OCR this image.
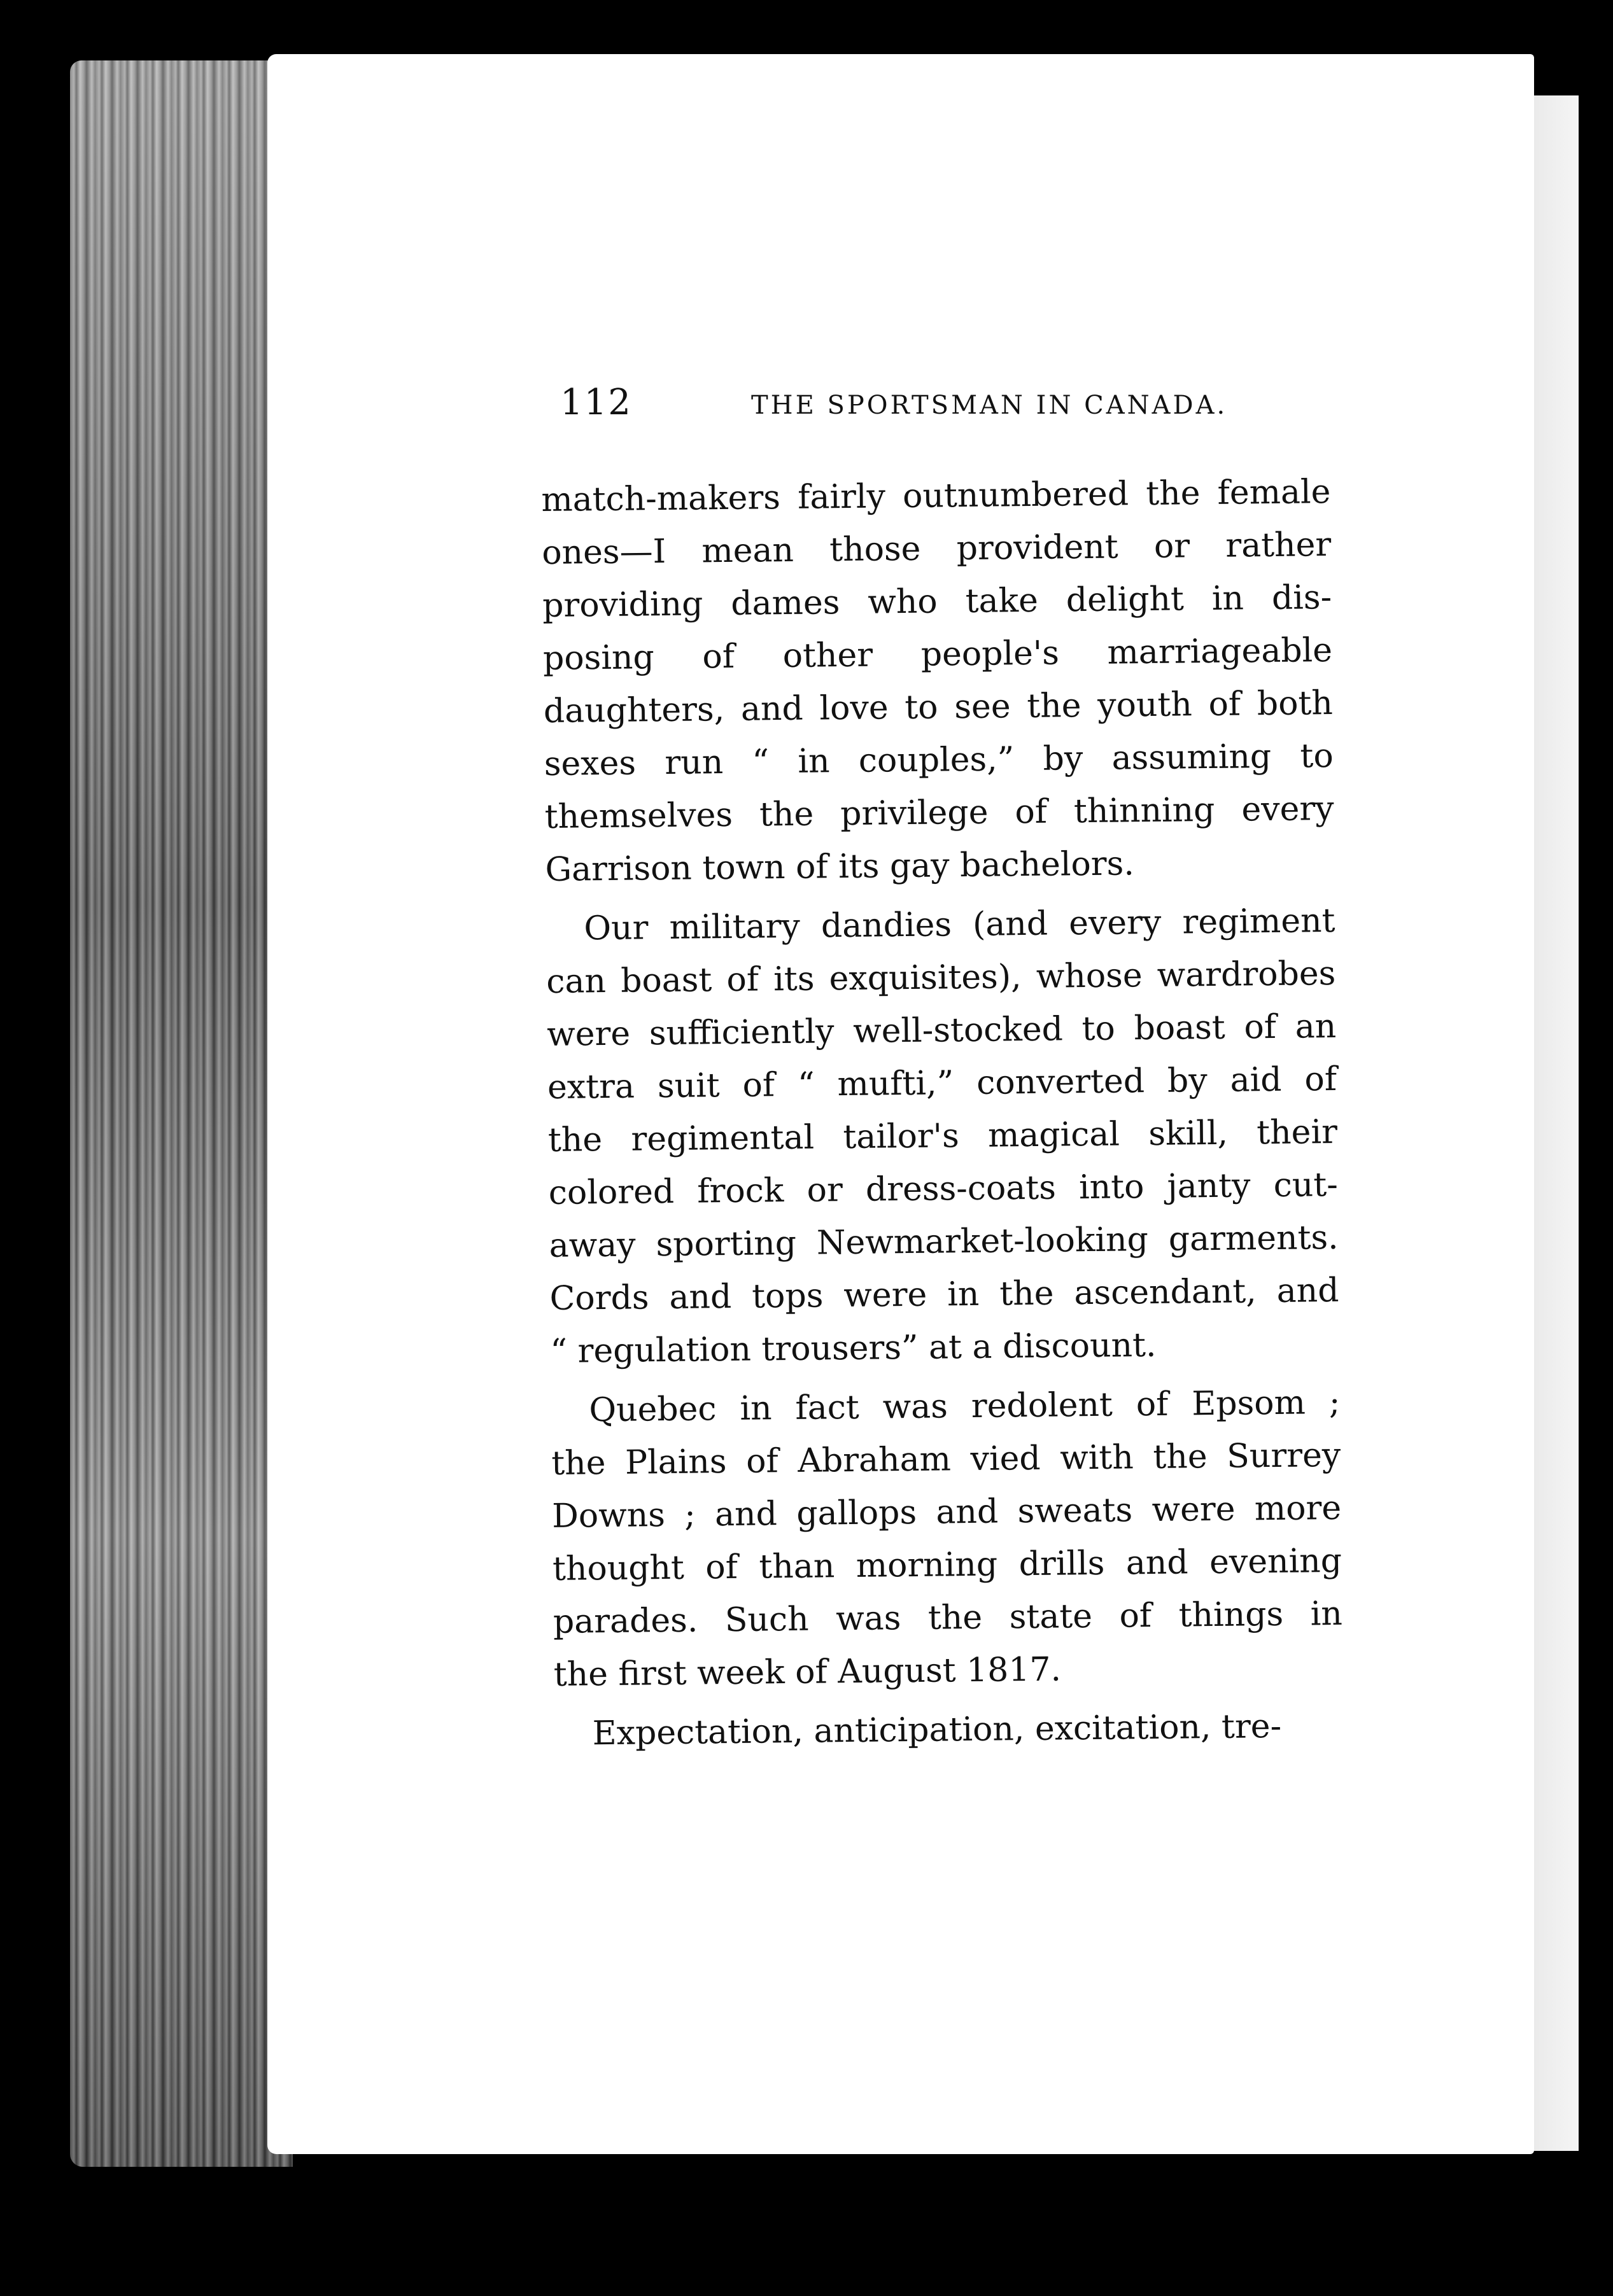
112	THE SPORTSMAN IN CANADA.
match-makers fairly outnumbered the female
ones—I mean those provident or rather
providing dames who take delight in dis-
posing of other people's marriageable
daughters, and love to see the youth of both
sexes run “ in couples,” by assuming to
themselves the privilege of thinning every
Garrison town of its gay bachelors.
Our military dandies (and every regiment
can boast of its exquisites), whose wardrobes
were sufficiently well-stocked to boast of an
extra suit of “ mufti,” converted by aid of
the regimental tailor's magical skill, their
colored frock or dress-coats into janty cut-
away sporting Newmarket-looking garments.
Cords and tops were in the ascendant, and
“ regulation trousers” at a discount.
Quebec in fact was redolent of Epsom ;
the Plains of Abraham vied with the Surrey
Downs ; and gallops and sweats were more
thought of than morning drills and evening
parades. Such was the state of things in
the first week of August 1817.
Expectation, anticipation, excitation, tre-
